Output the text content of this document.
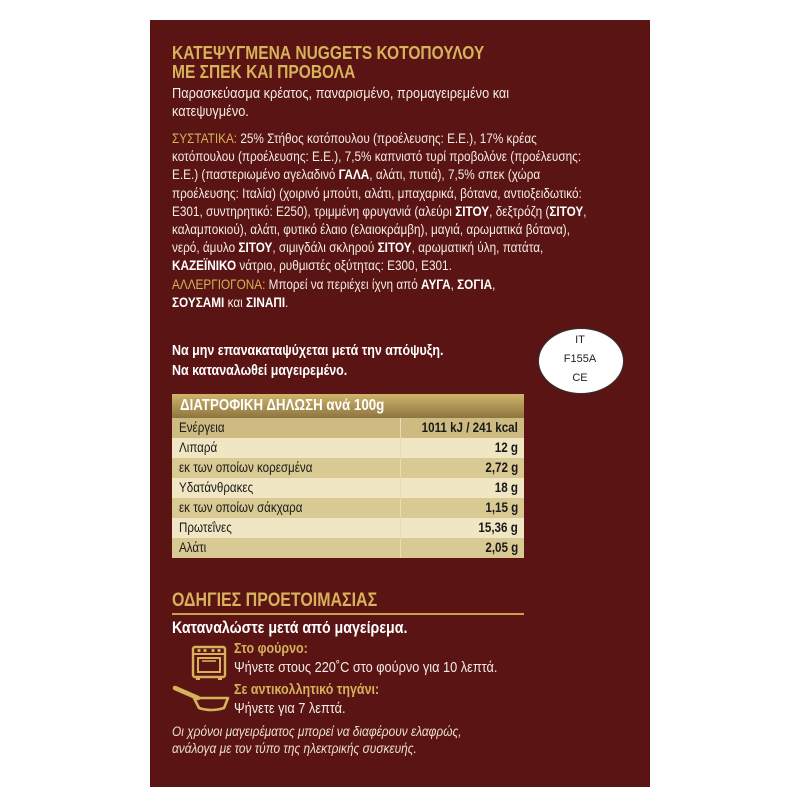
ΚΑΤΕΨΥΓΜΕΝΑ NUGGETS ΚΟΤΟΠΟΥΛΟΥ
ΜΕ ΣΠΕΚ ΚΑΙ ΠΡΟΒΟΛΑ
Παρασκεύασμα κρέατος, παναρισμένο, προμαγειρεμένο και κατεψυγμένο.
ΣΥΣΤΑΤΙΚΑ: 25% Στήθος κοτόπουλου (προέλευσης: Ε.Ε.), 17% κρέας κοτόπουλου (προέλευσης: Ε.Ε.), 7,5% καπνιστό τυρί προβολόνε (προέλευσης: Ε.Ε.) (παστεριωμένο αγελαδινό ΓΑΛΑ, αλάτι, πυτιά), 7,5% σπεκ (χώρα προέλευσης: Ιταλία) (χοιρινό μπούτι, αλάτι, μπαχαρικά, βότανα, αντιοξειδωτικό: E301, συντηρητικό: E250), τριμμένη φρυγανιά (αλεύρι ΣΙΤΟΥ, δεξτρόζη (ΣΙΤΟΥ, καλαμποκιού), αλάτι, φυτικό έλαιο (ελαιοκράμβη), μαγιά, αρωματικά βότανα), νερό, άμυλο ΣΙΤΟΥ, σιμιγδάλι σκληρού ΣΙΤΟΥ, αρωματική ύλη, πατάτα, ΚΑΖΕΪΝΙΚΟ νάτριο, ρυθμιστές οξύτητας: E300, E301.
ΑΛΛΕΡΓΙΟΓΟΝΑ: Μπορεί να περιέχει ίχνη από ΑΥΓΑ, ΣΟΓΙΑ,
ΣΟΥΣΑΜΙ και ΣΙΝΑΠΙ.
Να μην επανακαταψύχεται μετά την απόψυξη.
Να καταναλωθεί μαγειρεμένο.
IT
F155A
CE
ΔΙΑΤΡΟΦΙΚΗ ΔΗΛΩΣΗ ανά 100g
Ενέργεια	1011 kJ / 241 kcal
Λιπαρά	12 g
εκ των οποίων κορεσμένα	2,72 g
Υδατάνθρακες	18 g
εκ των οποίων σάκχαρα	1,15 g
Πρωτεΐνες	15,36 g
Αλάτι	2,05 g
ΟΔΗΓΙΕΣ ΠΡΟΕΤΟΙΜΑΣΙΑΣ
Καταναλώστε μετά από μαγείρεμα.
Στο φούρνο:
Ψήνετε στους 220˚C στο φούρνο για 10 λεπτά.
Σε αντικολλητικό τηγάνι:
Ψήνετε για 7 λεπτά.
Οι χρόνοι μαγειρέματος μπορεί να διαφέρουν ελαφρώς,
ανάλογα με τον τύπο της ηλεκτρικής συσκευής.
